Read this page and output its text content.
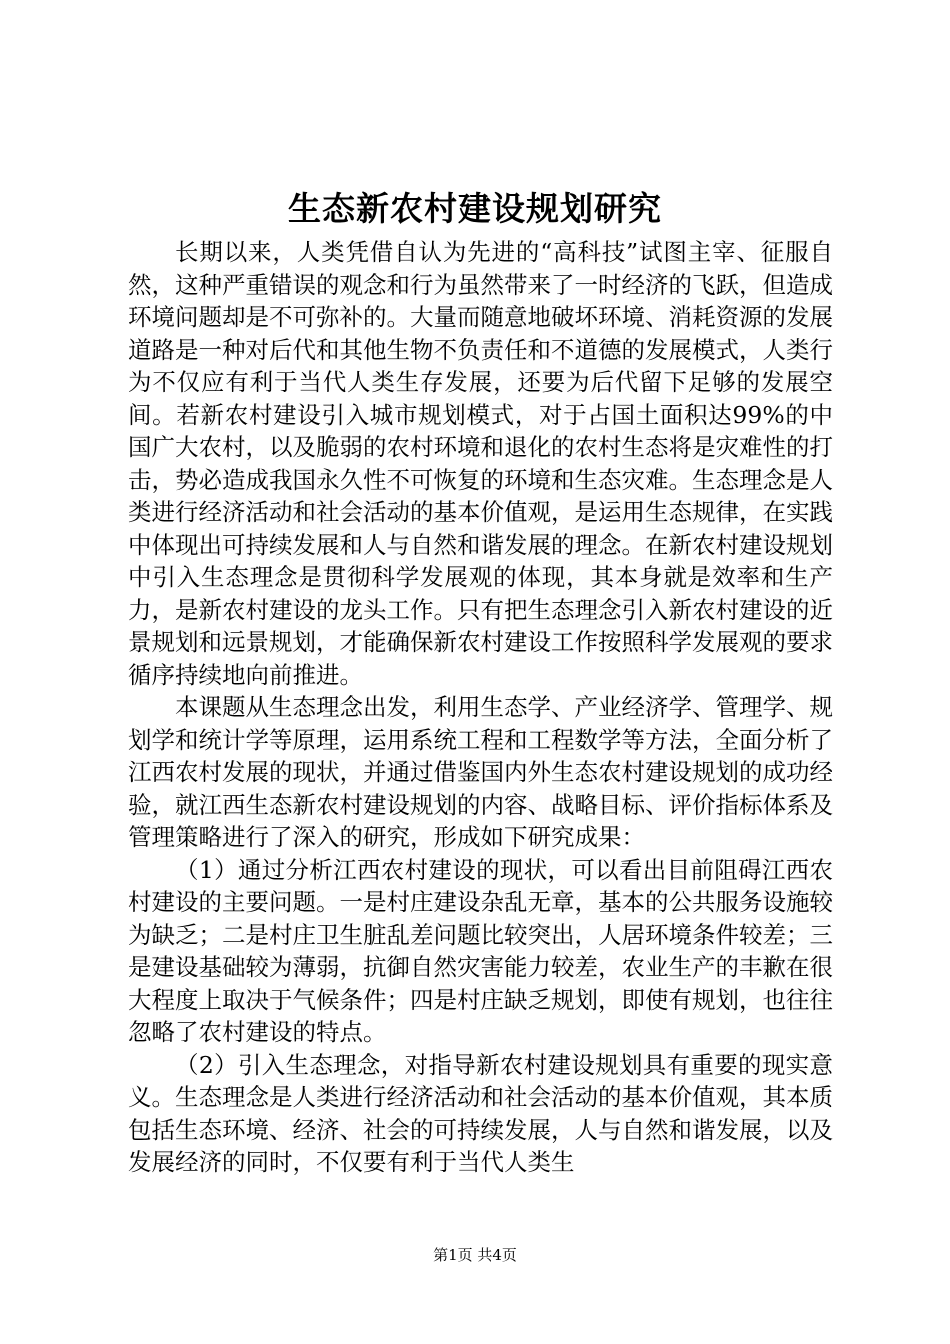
生态新农村建设规划研究

长期以来，人类凭借自认为先进的“高科技”试图主宰、征服自然，这种严重错误的观念和行为虽然带来了一时经济的飞跃，但造成环境问题却是不可弥补的。大量而随意地破坏环境、消耗资源的发展道路是一种对后代和其他生物不负责任和不道德的发展模式，人类行为不仅应有利于当代人类生存发展，还要为后代留下足够的发展空间。若新农村建设引入城市规划模式，对于占国土面积达99%的中国广大农村，以及脆弱的农村环境和退化的农村生态将是灾难性的打击，势必造成我国永久性不可恢复的环境和生态灾难。生态理念是人类进行经济活动和社会活动的基本价值观，是运用生态规律，在实践中体现出可持续发展和人与自然和谐发展的理念。在新农村建设规划中引入生态理念是贯彻科学发展观的体现，其本身就是效率和生产力，是新农村建设的龙头工作。只有把生态理念引入新农村建设的近景规划和远景规划，才能确保新农村建设工作按照科学发展观的要求循序持续地向前推进。

本课题从生态理念出发，利用生态学、产业经济学、管理学、规划学和统计学等原理，运用系统工程和工程数学等方法，全面分析了江西农村发展的现状，并通过借鉴国内外生态农村建设规划的成功经验，就江西生态新农村建设规划的内容、战略目标、评价指标体系及管理策略进行了深入的研究，形成如下研究成果：

（1）通过分析江西农村建设的现状，可以看出目前阻碍江西农村建设的主要问题。一是村庄建设杂乱无章，基本的公共服务设施较为缺乏；二是村庄卫生脏乱差问题比较突出，人居环境条件较差；三是建设基础较为薄弱，抗御自然灾害能力较差，农业生产的丰歉在很大程度上取决于气候条件；四是村庄缺乏规划，即使有规划，也往往忽略了农村建设的特点。

（2）引入生态理念，对指导新农村建设规划具有重要的现实意义。生态理念是人类进行经济活动和社会活动的基本价值观，其本质包括生态环境、经济、社会的可持续发展，人与自然和谐发展，以及发展经济的同时，不仅要有利于当代人类生

第1页 共4页
